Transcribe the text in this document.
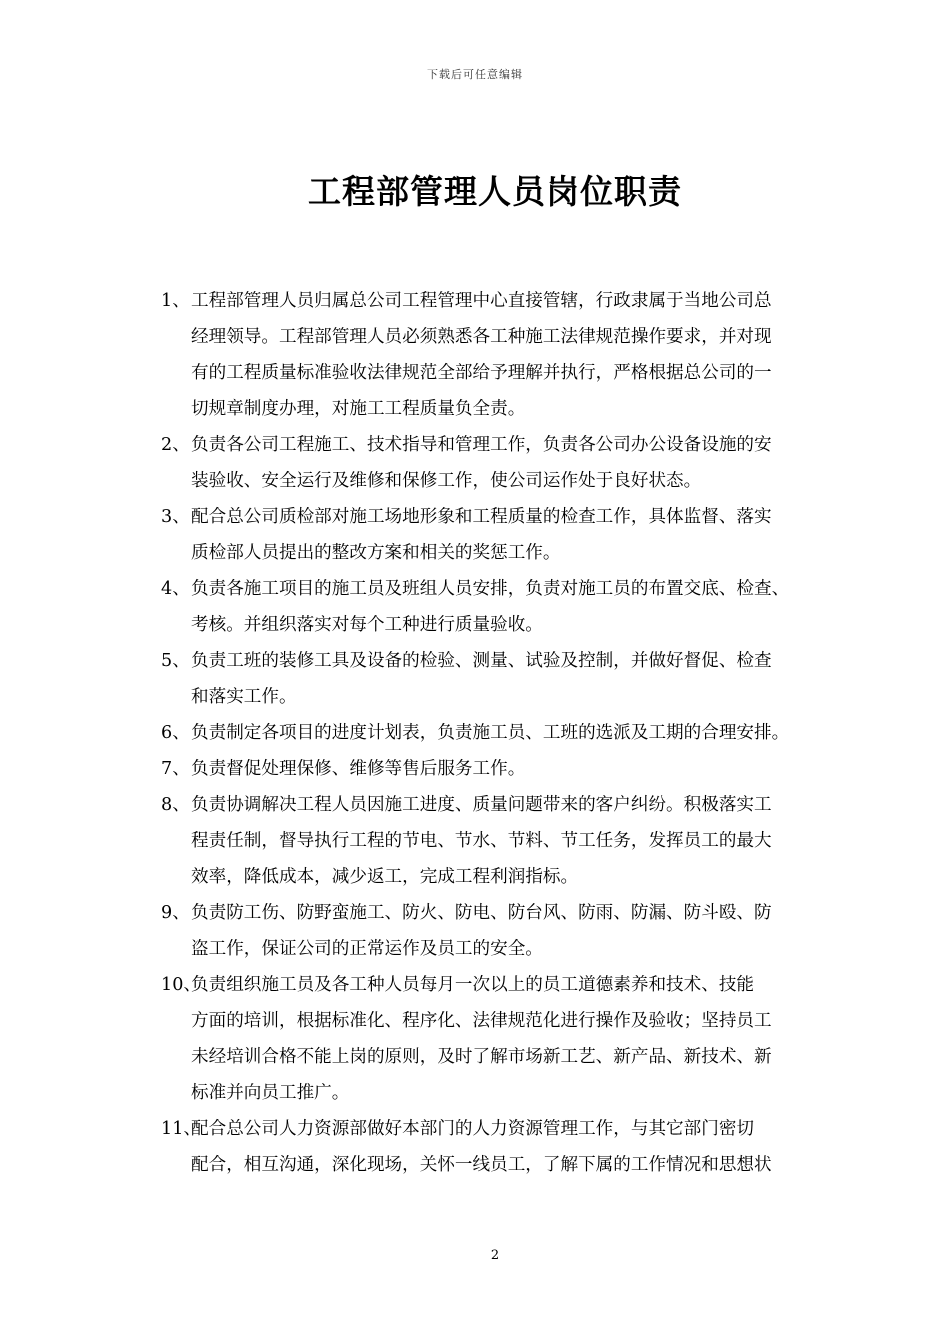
下载后可任意编辑
工程部管理人员岗位职责
1、 工程部管理人员归属总公司工程管理中心直接管辖，行政隶属于当地公司总
经理领导。工程部管理人员必须熟悉各工种施工法律规范操作要求，并对现
有的工程质量标准验收法律规范全部给予理解并执行，严格根据总公司的一
切规章制度办理，对施工工程质量负全责。
2、 负责各公司工程施工、技术指导和管理工作，负责各公司办公设备设施的安
装验收、安全运行及维修和保修工作，使公司运作处于良好状态。
3、 配合总公司质检部对施工场地形象和工程质量的检查工作，具体监督、落实
质检部人员提出的整改方案和相关的奖惩工作。
4、 负责各施工项目的施工员及班组人员安排，负责对施工员的布置交底、检查、
考核。并组织落实对每个工种进行质量验收。
5、 负责工班的装修工具及设备的检验、测量、试验及控制，并做好督促、检查
和落实工作。
6、 负责制定各项目的进度计划表，负责施工员、工班的选派及工期的合理安排。
7、 负责督促处理保修、维修等售后服务工作。
8、 负责协调解决工程人员因施工进度、质量问题带来的客户纠纷。积极落实工
程责任制，督导执行工程的节电、节水、节料、节工任务，发挥员工的最大
效率，降低成本，减少返工，完成工程利润指标。
9、 负责防工伤、防野蛮施工、防火、防电、防台风、防雨、防漏、防斗殴、防
盗工作，保证公司的正常运作及员工的安全。
10、
负责组织施工员及各工种人员每月一次以上的员工道德素养和技术、技能
方面的培训，根据标准化、程序化、法律规范化进行操作及验收；坚持员工
未经培训合格不能上岗的原则，及时了解市场新工艺、新产品、新技术、新
标准并向员工推广。
11、
配合总公司人力资源部做好本部门的人力资源管理工作，与其它部门密切
配合，相互沟通，深化现场，关怀一线员工，了解下属的工作情况和思想状
2
